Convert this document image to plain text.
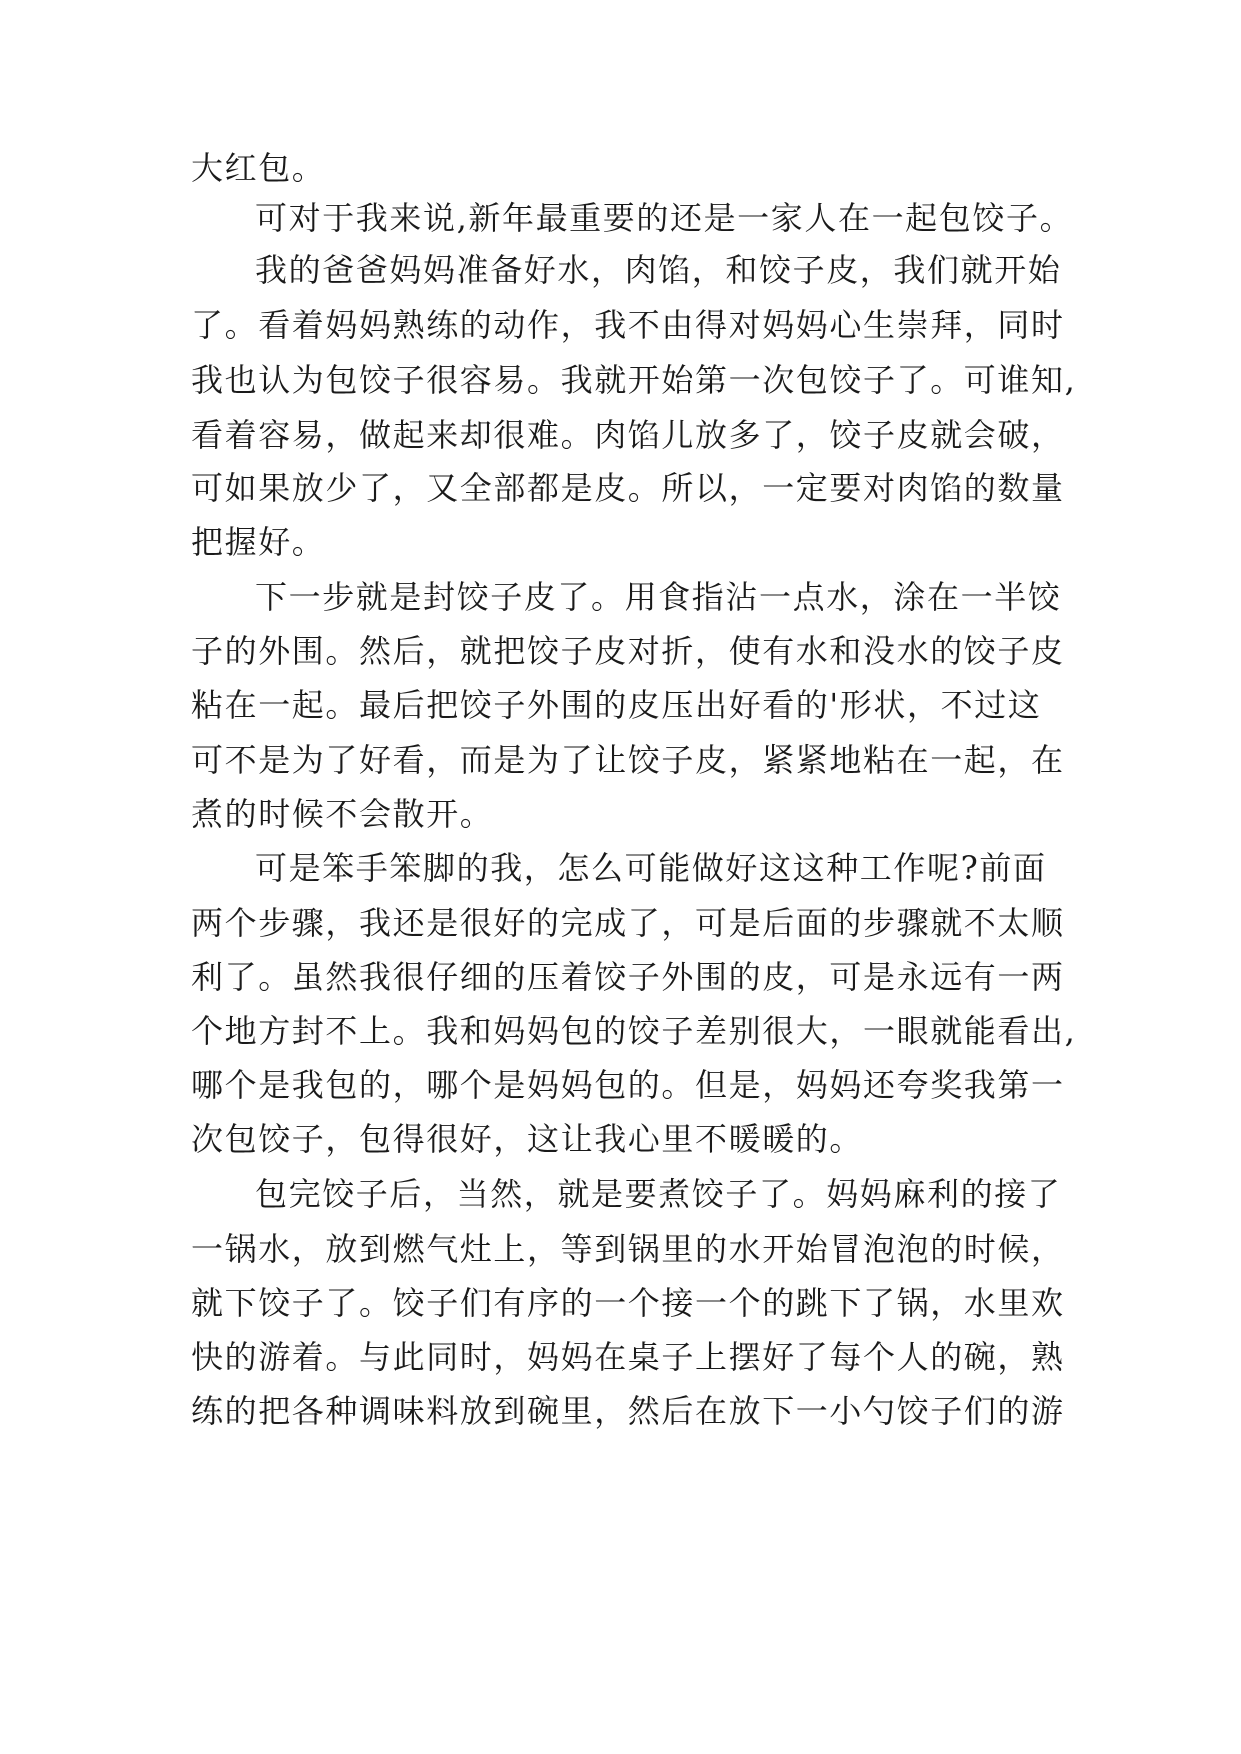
大红包。
可对于我来说,新年最重要的还是一家人在一起包饺子。
我的爸爸妈妈准备好水，肉馅，和饺子皮，我们就开始
了。看着妈妈熟练的动作，我不由得对妈妈心生崇拜，同时
我也认为包饺子很容易。我就开始第一次包饺子了。可谁知,
看着容易，做起来却很难。肉馅儿放多了，饺子皮就会破，
可如果放少了，又全部都是皮。所以，一定要对肉馅的数量
把握好。
下一步就是封饺子皮了。用食指沾一点水，涂在一半饺
子的外围。然后，就把饺子皮对折，使有水和没水的饺子皮
粘在一起。最后把饺子外围的皮压出好看的'形状，不过这
可不是为了好看，而是为了让饺子皮，紧紧地粘在一起，在
煮的时候不会散开。
可是笨手笨脚的我，怎么可能做好这这种工作呢?前面
两个步骤，我还是很好的完成了，可是后面的步骤就不太顺
利了。虽然我很仔细的压着饺子外围的皮，可是永远有一两
个地方封不上。我和妈妈包的饺子差别很大，一眼就能看出,
哪个是我包的，哪个是妈妈包的。但是，妈妈还夸奖我第一
次包饺子，包得很好，这让我心里不暖暖的。
包完饺子后，当然，就是要煮饺子了。妈妈麻利的接了
一锅水，放到燃气灶上，等到锅里的水开始冒泡泡的时候，
就下饺子了。饺子们有序的一个接一个的跳下了锅，水里欢
快的游着。与此同时，妈妈在桌子上摆好了每个人的碗，熟
练的把各种调味料放到碗里，然后在放下一小勺饺子们的游
